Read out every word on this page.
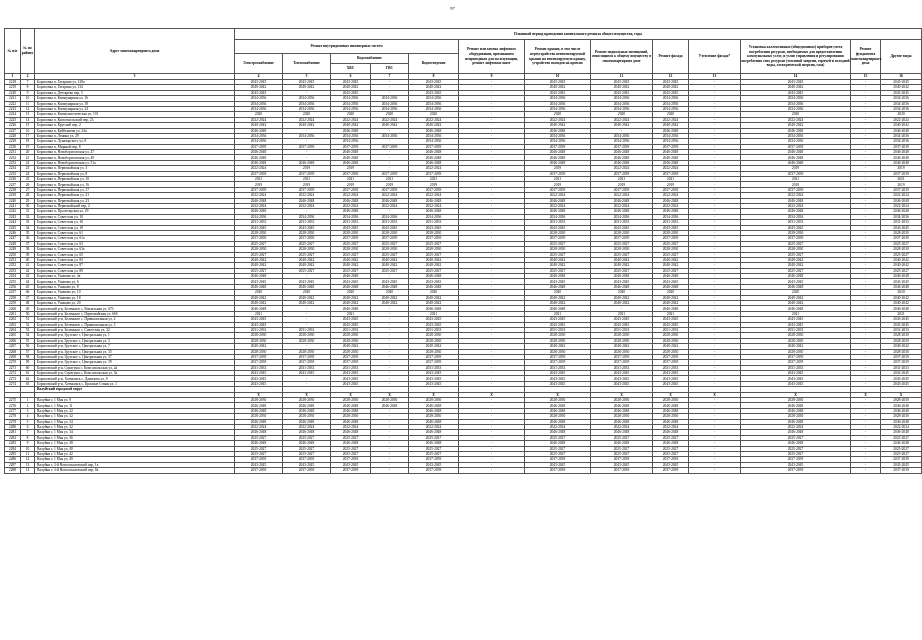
97
№ п/п	№ по району	Адрес многоквартирного дома	Плановый период проведения капитального ремонта общего имущества, годы												
			Ремонт внутридомовых инженерных систем					Ремонт или замена лифтового оборудования, признанного непригодным для эксплуатации, ремонт лифтовых шахт	Ремонт крыши, в том числе переустройство невентилируемой крыши на вентилируемую крышу, устройство выходов на кровлю	Ремонт подвальных помещений, относящихся к общему имуществу в многоквартирном доме	Ремонт фасада	Утепление фасада*	Установка коллективных (общедомовых) приборов учета потребления ресурсов, необходимых для предоставления коммунальных услуг, и узлов управления и регулирования потребления этих ресурсов (тепловой энергии, горячей и холодной воды, электрической энергии, газа)	Ремонт фундамента многоквартирного дома	Другие виды
			Электроснабжение	Теплоснабжение	Водоснабжение		Водоотведение								
					ХВС	ГВС									
1	2	3	4	5	6	7	8	9	10	11	12	13	14	15	16
2218	7	Борисовка п, Гагарина ул, 128а	2043-2045	2043-2045	2043-2045	-	2043-2045	-	2043-2045	2043-2045	2043-2045	-	2043-2045	-	2043-2045
2219	8	Борисовка п, Гагарина ул, 134	2040-2042	2040-2042	2040-2042	-	2040-2042	-	2040-2042	2040-2042	2040-2042	-	2040-2042	-	2040-2042
2220	9	Борисовка п, Дегтярева пер, 5	2043-2045	-	2043-2045	-	2043-2045	-	2043-2045	2043-2045	2043-2045	-	2043-2045	-	2043-2045
2221	10	Борисовка п, Коммунарная ул, 16	2034-2036	2034-2036	2034-2036	2034-2036	2034-2036	-	2034-2036	2034-2036	2034-2036	-	2034-2036	-	2034-2036
2222	11	Борисовка п, Коммунарная ул, 18	2034-2036	2034-2036	2034-2036	2034-2036	2034-2036	-	2034-2036	2034-2036	2034-2036	-	2034-2036	-	2034-2036
2223	12	Борисовка п, Коммунарная ул, 24	2034-2036	2034-2036	2034-2036	2034-2036	2034-2036	-	2034-2036	2034-2036	2034-2036	-	2034-2036	-	2034-2036
2224	13	Борисовка п, Коммунистическая ул, 101	2020	2020	2020	2020	2020	-	2020	2020	2020	-	2020	-	2020
2225	14	Борисовка п, Комсомольский пер, 23	2022-2024	2022-2024	2022-2024	2022-2024	2022-2024	-	2022-2024	2022-2024	2022-2024	-	2022-2024	-	2022-2024
2226	15	Борисовка п, Круглый пер, 2	2040-2042	2040-2042	2040-2042	2040-2042	2040-2042	-	2040-2042	2040-2042	2040-2042	-	2040-2042	-	2040-2042
2227	16	Борисовка п, Куйбышева ул, 24а	2046-2048	-	2046-2048	-	2046-2048	-	2046-2048	-	2046-2048	-	2046-2048	-	2046-2048
2228	17	Борисовка п, Ленина ул, 29	2034-2036	2034-2036	2034-2036	2034-2036	2034-2036	-	2034-2036	2034-2036	2034-2036	-	2034-2036	-	2034-2036
2229	18	Борисовка п, Луначарского ул, 8	2034-2036	-	2034-2036	-	2034-2036	-	2034-2036	2034-2036	2034-2036	-	2034-2036	-	2034-2036
2230	19	Борисовка п, Мирный пер, 8	2037-2039	2037-2039	2037-2039	2037-2039	2037-2039	-	2037-2039	2037-2039	2037-2039	-	2037-2039	-	2037-2039
2231	20	Борисовка п, Новоборисовская ул, 47	2046-2048	-	2046-2048	-	2046-2048	-	2046-2048	2046-2048	2046-2048	-	2046-2048	-	2046-2048
2232	21	Борисовка п, Новоборисовская ул, 49	2046-2048	-	2046-2048	-	2046-2048	-	2046-2048	2046-2048	2046-2048	-	2046-2048	-	2046-2048
2233	22	Борисовка п, Новоборисовская ул, 51а	2046-2048	2046-2048	2046-2048	-	2046-2048	-	2046-2048	2046-2048	2046-2048	-	2046-2048	-	2046-2048
2234	23	Борисовка п, Первомайская ул, 3	2022-2024	2019	2019	-	2022-2024	-	2019	2022-2024	2022-2024	-	2019	-	2019
2235	24	Борисовка п, Первомайская ул, 8	2037-2039	2037-2039	2037-2039	2037-2039	2037-2039	-	2037-2039	2037-2039	2037-2039	-	2037-2039	-	2037-2039
2236	25	Борисовка п, Первомайская ул, 10	2021	2021	2021	2021	2021	-	2021	2021	2021	-	2021	-	2021
2237	26	Борисовка п, Первомайская ул, 16	2019	2019	2019	2019	2019	-	2019	2019	2019	-	2019	-	2019
2238	27	Борисовка п, Первомайская ул, 17	2037-2039	2037-2039	2037-2039	2037-2039	2037-2039	-	2037-2039	2037-2039	2037-2039	-	2037-2039	-	2037-2039
2239	28	Борисовка п, Первомайская ул, 21	2022-2024	2022-2024	2022-2024	2022-2024	2022-2024	-	2022-2024	2022-2024	2022-2024	-	2022-2024	-	2022-2024
2240	29	Борисовка п, Первомайская ул, 23	2046-2048	2046-2048	2046-2048	2046-2048	2046-2048	-	2046-2048	2046-2048	2046-2048	-	2046-2048	-	2046-2048
2241	30	Борисовка п, Первомайский пер, 2	2022-2024	2022-2024	2022-2024	2022-2024	2022-2024	-	2022-2024	2022-2024	2022-2024	-	2022-2024	-	2022-2024
2242	31	Борисовка п, Пролетарская ул, 29	2046-2048	-	2046-2048	-	2046-2048	-	2046-2048	2046-2048	2046-2048	-	2046-2048	-	2046-2048
2243	32	Борисовка п, Советская ул, 10	2034-2036	2034-2036	2034-2036	2034-2036	2034-2036	-	2034-2036	2034-2036	2034-2036	-	2034-2036	-	2034-2036
2244	33	Борисовка п, Советская ул, 16	2031-2033	2031-2033	2031-2033	2031-2033	2031-2033	-	2031-2033	2031-2033	2031-2033	-	2031-2033	-	2031-2033
2245	34	Борисовка п, Советская ул, 18	2043-2045	2043-2045	2043-2045	2043-2045	2043-2045	-	2043-2045	2043-2045	2043-2045	-	2043-2045	-	2043-2045
2246	35	Борисовка п, Советская ул, 61	2028-2030	2028-2030	2028-2030	2028-2030	2028-2030	-	2028-2030	2028-2030	2028-2030	-	2028-2030	-	2028-2030
2247	36	Борисовка п, Советская ул, 61а	2037-2039	2037-2039	2037-2039	2037-2039	2037-2039	-	2037-2039	2037-2039	2037-2039	-	2037-2039	-	2037-2039
2248	37	Борисовка п, Советская ул, 63	2025-2027	2025-2027	2025-2027	2025-2027	2025-2027	-	2025-2027	2025-2027	2025-2027	-	2025-2027	-	2025-2027
2249	38	Борисовка п, Советская ул, 63а	2028-2030	2028-2030	2028-2030	2028-2030	2028-2030	-	2028-2030	2028-2030	2028-2030	-	2028-2030	-	2028-2030
2250	39	Борисовка п, Советская ул, 65	2025-2027	2025-2027	2025-2027	2025-2027	2025-2027	-	2025-2027	2025-2027	2025-2027	-	2025-2027	-	2025-2027
2251	40	Борисовка п, Советская ул, 83	2040-2042	2040-2042	2040-2042	2040-2042	2040-2042	-	2040-2042	2040-2042	2040-2042	-	2040-2042	-	2040-2042
2252	41	Борисовка п, Советская ул, 87	2040-2042	2040-2042	2040-2042	2040-2042	2040-2042	-	2040-2042	2040-2042	2040-2042	-	2040-2042	-	2040-2042
2253	42	Борисовка п, Советская ул, 89	2025-2027	2025-2027	2025-2027	2025-2027	2025-2027	-	2025-2027	2025-2027	2025-2027	-	2025-2027	-	2025-2027
2254	43	Борисовка п, Ушакова ул, 4а	2046-2048	-	2046-2048	-	2046-2048	-	2046-2048	2046-2048	2046-2048	-	2046-2048	-	2046-2048
2255	44	Борисовка п, Ушакова ул, 6	2043-2045	2043-2045	2043-2045	2043-2045	2043-2045	-	2043-2045	2043-2045	2043-2045	-	2043-2045	-	2043-2045
2256	45	Борисовка п, Ушакова ул, 8	2046-2048	2046-2048	2046-2048	2046-2048	2046-2048	-	2046-2048	2046-2048	2046-2048	-	2046-2048	-	2046-2048
2257	46	Борисовка п, Ушакова ул, 10	2020	2020	2020	2020	2020	-	2020	2020	2020	-	2020	-	2020
2258	47	Борисовка п, Ушакова ул, 18	2040-2042	2040-2042	2040-2042	2040-2042	2040-2042	-	2040-2042	2040-2042	2040-2042	-	2040-2042	-	2040-2042
2259	48	Борисовка п, Ушакова ул, 20	2040-2042	2040-2042	2040-2042	2040-2042	2040-2042	-	2040-2042	2040-2042	2040-2042	-	2040-2042	-	2040-2042
2260	49	Борисовский р-н, Беленькое с, Вокзальная ул, 67б	2046-2048	-	2046-2048	-	2046-2048	-	2046-2048	-	2046-2048	-	2046-2048	-	2046-2048
2261	50	Борисовский р-н, Беленькое с, Первомайская ул, 66б	2021	-	2021	-	2021	-	2021	2021	2021	-	2021	-	2021
2262	51	Борисовский р-н, Беленькое с, Привокзальная ул, 2	2043-2045	-	2043-2045	-	2043-2045	-	2043-2045	2043-2045	2043-2045	-	2043-2045	-	2043-2045
2263	52	Борисовский р-н, Беленькое с, Привокзальная ул, 3	2043-2045	-	2043-2045	-	2043-2045	-	2043-2045	2043-2045	2043-2045	-	2043-2045	-	2043-2045
2264	53	Борисовский р-н, Беленькое с, Советская ул, 32	2031-2033	2031-2033	2031-2033	-	2031-2033	-	2031-2033	2031-2033	2031-2033	-	2031-2033	-	2031-2033
2265	54	Борисовский р-н, Грузское с, Центральная ул, 1	2028-2030	2028-2030	2028-2030	-	2028-2030	-	2028-2030	2028-2030	2028-2030	-	2028-2030	-	2028-2030
2266	55	Борисовский р-н, Грузское с, Центральная ул, 3	2028-2030	2028-2030	2028-2030	-	2028-2030	-	2028-2030	2028-2030	2028-2030	-	2028-2030	-	2028-2030
2267	56	Борисовский р-н, Грузское с, Центральная ул, 7	2040-2042	-	2040-2042	-	2040-2042	-	2040-2042	2040-2042	2040-2042	-	2040-2042	-	2040-2042
2268	57	Борисовский р-н, Грузское с, Центральная ул, 35	2028-2030	2028-2030	2028-2030	-	2028-2030	-	2028-2030	2028-2030	2028-2030	-	2028-2030	-	2028-2030
2269	58	Борисовский р-н, Грузское с, Центральная ул, 37	2037-2039	2037-2039	2037-2039	-	2037-2039	-	2037-2039	2037-2039	2037-2039	-	2037-2039	-	2037-2039
2270	59	Борисовский р-н, Грузское с, Центральная ул, 39	2037-2039	2037-2039	2037-2039	-	2037-2039	-	2037-2039	2037-2039	2037-2039	-	2037-2039	-	2037-2039
2271	60	Борисовский р-н, Стригуны с, Комсомольская ул, 2а	2031-2033	2031-2033	2031-2033	-	2031-2033	-	2031-2033	2031-2033	2031-2033	-	2031-2033	-	2031-2033
2272	61	Борисовский р-н, Стригуны с, Комсомольская ул, 3а	2043-2045	2043-2045	2043-2045	-	2043-2045	-	2043-2045	2043-2045	2043-2045	-	2043-2045	-	2043-2045
2273	62	Борисовский р-н, Хотмыжск с, Данилова ул, 9	2043-2045	-	2043-2045	-	2043-2045	-	2043-2045	2043-2045	2043-2045	-	2043-2045	-	2043-2045
2274	63	Борисовский р-н, Хотмыжск с, Красные Станы ул, 1	2043-2045	-	2043-2045	-	2043-2045	-	2043-2045	2043-2045	2043-2045	-	2043-2045	-	2043-2045
		Валуйский городской округ													
			X	X	X	X	X	X	X	X	X	X	X	X	X
2275	1	Валуйки г, 1 Мая ул, 9	2028-2030	2028-2030	2028-2030	2028-2030	2028-2030	-	2028-2030	2028-2030	2028-2030	-	2028-2030	-	2028-2030
2276	2	Валуйки г, 1 Мая ул, 11	2046-2048	2046-2048	2046-2048	2046-2048	2046-2048	-	2046-2048	2046-2048	2046-2048	-	2046-2048	-	2046-2048
2277	3	Валуйки г, 1 Мая ул, 22	2046-2048	2046-2048	2046-2048	-	2046-2048	-	2046-2048	2046-2048	2046-2048	-	2046-2048	-	2046-2048
2278	4	Валуйки г, 1 Мая ул, 32	2028-2030	2028-2030	2028-2030	-	2028-2030	-	2028-2030	2028-2030	2028-2030	-	2028-2030	-	2028-2030
2279	5	Валуйки г, 1 Мая ул, 34	2046-2048	2046-2048	2046-2048	-	2046-2048	-	2046-2048	2046-2048	2046-2048	-	2046-2048	-	2046-2048
2280	6	Валуйки г, 1 Мая ул, 32	2022-2024	2022-2024	2022-2024	-	2022-2024	-	2022-2024	2022-2024	2022-2024	-	2022-2024	-	2022-2024
2281	7	Валуйки г, 1 Мая ул, 34	2046-2048	2046-2048	2046-2048	-	2046-2048	-	2046-2048	2046-2048	2046-2048	-	2046-2048	-	2046-2048
2282	8	Валуйки г, 1 Мая ул, 36	2025-2027	2025-2027	2025-2027	-	2025-2027	-	2025-2027	2025-2027	2025-2027	-	2025-2027	-	2025-2027
2283	9	Валуйки г, 1 Мая ул, 38	2046-2048	2046-2048	2046-2048	-	2046-2048	-	2046-2048	2046-2048	2046-2048	-	2046-2048	-	2046-2048
2284	10	Валуйки г, 1 Мая ул, 40	2025-2027	2025-2027	2025-2027	-	2025-2027	-	2025-2027	2025-2027	2025-2027	-	2025-2027	-	2025-2027
2285	11	Валуйки г, 1 Мая ул, 42	2025-2027	2025-2027	2025-2027	-	2025-2027	-	2025-2027	2025-2027	2025-2027	-	2025-2027	-	2025-2027
2286	12	Валуйки г, 1 Мая ул, 49	2037-2039	2037-2039	2037-2039	-	2037-2039	-	2037-2039	2037-2039	2037-2039	-	2037-2039	-	2037-2039
2287	13	Валуйки г, 2-й Новосоколовский пер, 1а	2043-2045	2043-2045	2043-2045	-	2043-2045	-	2043-2045	2043-2045	2043-2045	-	2043-2045	-	2043-2045
2288	14	Валуйки г, 3-й Новосоколовский пер, 8а	2037-2039	2037-2039	2037-2039	-	2037-2039	-	2037-2039	2037-2039	2037-2039	-	2037-2039	-	2037-2039
